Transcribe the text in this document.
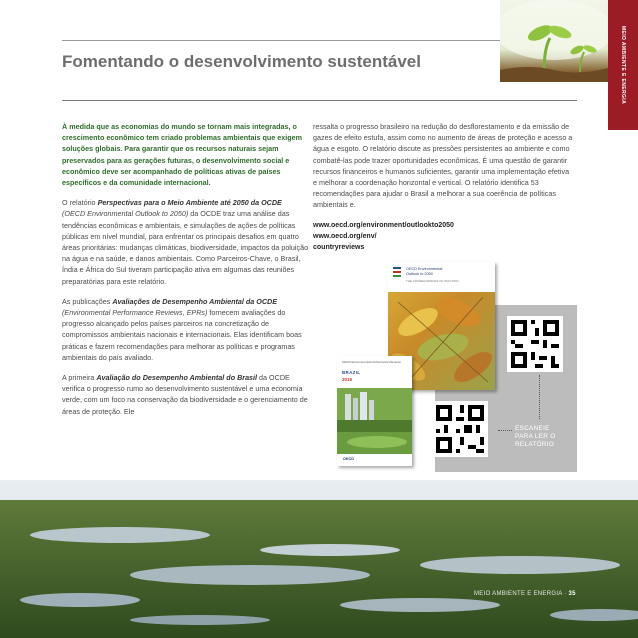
MEIO AMBIENTE E ENERGIA
Fomentando o desenvolvimento sustentável

À medida que as economias do mundo se tornam mais integradas, o crescimento econômico tem criado problemas ambientais que exigem soluções globais. Para garantir que os recursos naturais sejam preservados para as gerações futuras, o desenvolvimento social e econômico deve ser acompanhado de políticas ativas de países específicos e da comunidade internacional.

O relatório Perspectivas para o Meio Ambiente até 2050 da OCDE
(OECD Environmental Outlook to 2050) da OCDE traz uma análise das tendências econômicas e ambientais, e simulações de ações de políticas públicas em nível mundial, para enfrentar os principais desafios em quatro áreas prioritárias: mudanças climáticas, biodiversidade, impactos da poluição na água e na saúde, e danos ambientais. Como Parceiros-Chave, o Brasil, Índia e África do Sul tiveram participação ativa em algumas das reuniões preparatórias para este relatório.

As publicações Avaliações de Desempenho Ambiental da OCDE
(Environmental Performance Reviews, EPRs) fornecem avaliações do progresso alcançado pelos países parceiros na concretização de compromissos ambientais nacionais e internacionais. Elas identificam boas práticas e fazem recomendações para melhorar as políticas e programas ambientais do país avaliado.

A primeira Avaliação do Desempenho Ambiental do Brasil da OCDE verifica o progresso rumo ao desenvolvimento sustentável e uma economia verde, com um foco na conservação da biodiversidade e o gerenciamento de áreas de proteção. Ele

ressalta o progresso brasileiro na redução do desflorestamento e da emissão de gazes de efeito estufa, assim como no aumento de áreas de proteção e acesso a água e esgoto. O relatório discute as pressões persistentes ao ambiente e como combatê-las pode trazer oportunidades econômicas. É uma questão de garantir recursos financeiros e humanos suficientes, garantir uma implementação efetiva e melhorar a coordenação horizontal e vertical. O relatório identifica 53 recomendações para ajudar o Brasil a melhorar a sua coerência de políticas ambientais e.

www.oecd.org/environment/outlookto2050
www.oecd.org/env/
countryreviews
OECD Environmental
Outlook to 2050
THE CONSEQUENCES OF INACTION
OECD Environmental Performance Reviews
BRAZIL
2015
OECD
ESCANEIE
PARA LER O
RELATÓRIO
MEIO AMBIENTE E ENERGIA · 35
